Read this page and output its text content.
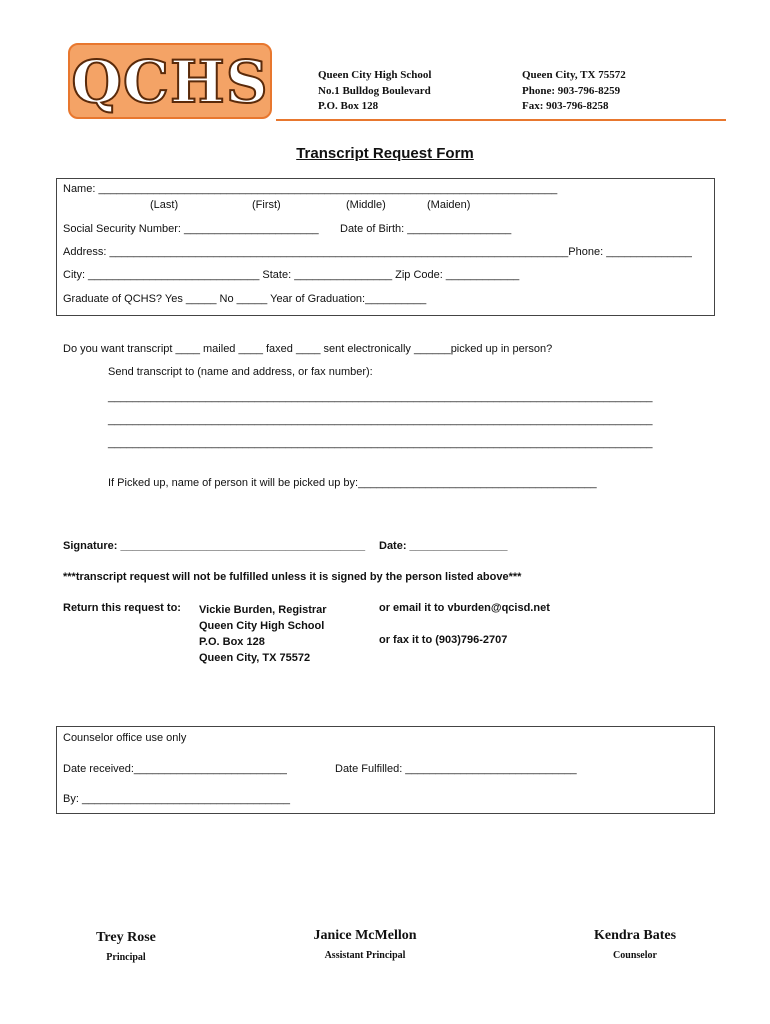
QCHS	Queen City High School
No.1 Bulldog Boulevard
P.O. Box 128
Queen City, TX 75572
Phone: 903-796-8259
Fax: 903-796-8258
Transcript Request Form
Name: ___________________________________________________________________________
(Last)	(First)	(Middle)	(Maiden)
Social Security Number: ______________________ Date of Birth: _________________
Address: ___________________________________________________________________________Phone: ______________
City: ____________________________ State: ________________ Zip Code: ____________
Graduate of QCHS? Yes _____ No _____ Year of Graduation:__________
Do you want transcript ____ mailed ____ faxed ____ sent electronically ______picked up in person?
Send transcript to (name and address, or fax number):
_________________________________________________________________________________________
_________________________________________________________________________________________
_________________________________________________________________________________________
If Picked up, name of person it will be picked up by:_______________________________________
Signature: ________________________________________ Date: ________________
***transcript request will not be fulfilled unless it is signed by the person listed above***
Return this request to: Vickie Burden, Registrar
Queen City High School
P.O. Box 128
Queen City, TX 75572
or email it to vburden@qcisd.net
or fax it to (903)796-2707
Counselor office use only
Date received:_________________________	Date Fulfilled: ____________________________
By: __________________________________
Trey Rose
Principal
Janice McMellon
Assistant Principal
Kendra Bates
Counselor
